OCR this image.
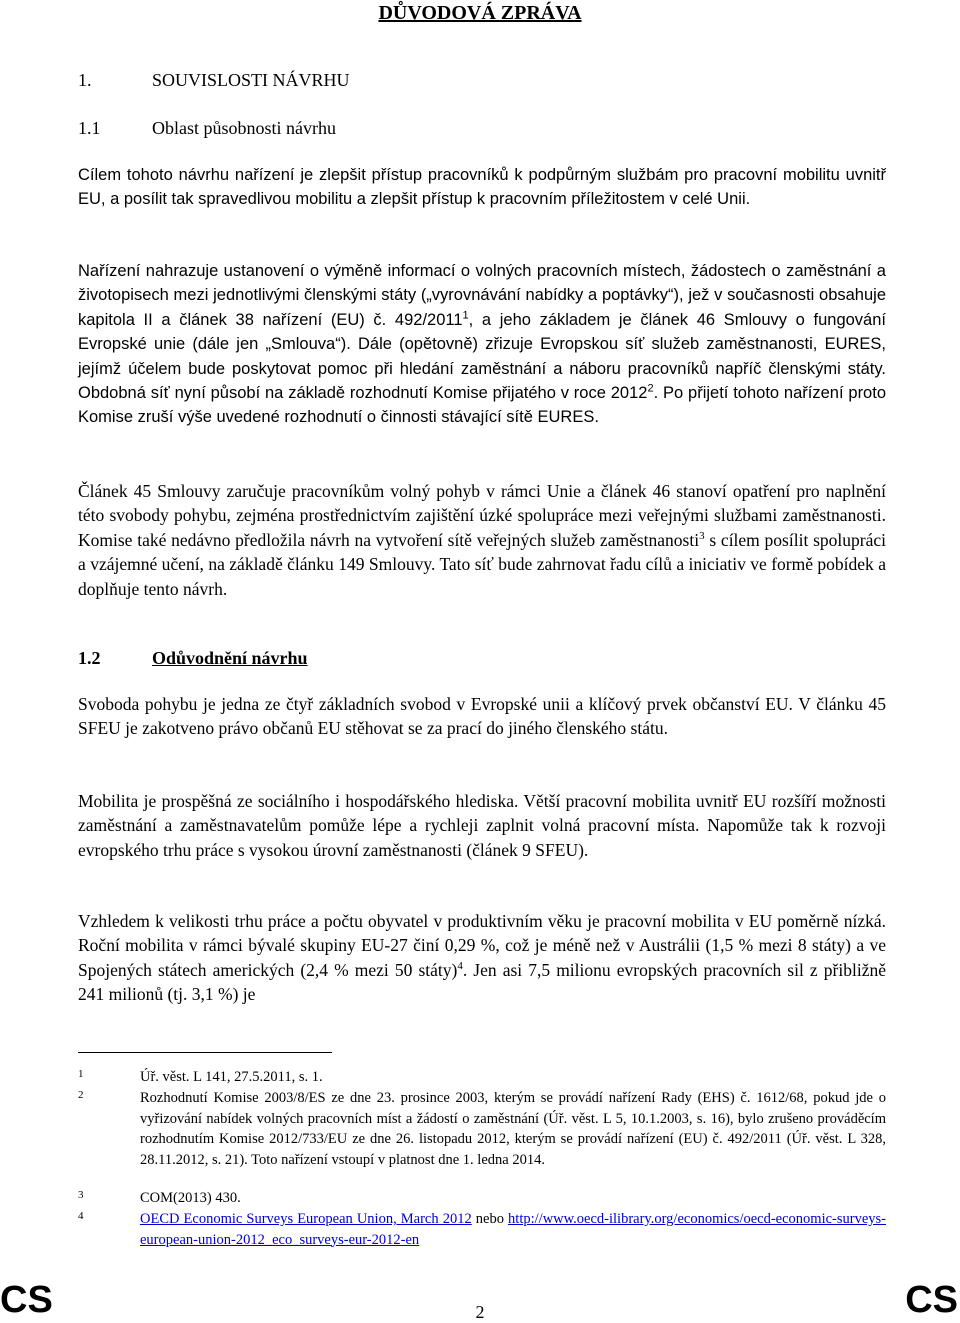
DŮVODOVÁ ZPRÁVA
1.	SOUVISLOSTI NÁVRHU
1.1	Oblast působnosti návrhu

Cílem tohoto návrhu nařízení je zlepšit přístup pracovníků k podpůrným službám pro pracovní mobilitu uvnitř EU, a posílit tak spravedlivou mobilitu a zlepšit přístup k pracovním příležitostem v celé Unii.

Nařízení nahrazuje ustanovení o výměně informací o volných pracovních místech, žádostech o zaměstnání a životopisech mezi jednotlivými členskými státy („vyrovnávání nabídky a poptávky“), jež v současnosti obsahuje kapitola II a článek 38 nařízení (EU) č. 492/2011$^1$, a jeho základem je článek 46 Smlouvy o fungování Evropské unie (dále jen „Smlouva“). Dále (opětovně) zřizuje Evropskou síť služeb zaměstnanosti, EURES, jejímž účelem bude poskytovat pomoc při hledání zaměstnání a náboru pracovníků napříč členskými státy. Obdobná síť nyní působí na základě rozhodnutí Komise přijatého v roce 2012$^2$. Po přijetí tohoto nařízení proto Komise zruší výše uvedené rozhodnutí o činnosti stávající sítě EURES.

Článek 45 Smlouvy zaručuje pracovníkům volný pohyb v rámci Unie a článek 46 stanoví opatření pro naplnění této svobody pohybu, zejména prostřednictvím zajištění úzké spolupráce mezi veřejnými službami zaměstnanosti. Komise také nedávno předložila návrh na vytvoření sítě veřejných služeb zaměstnanosti$^3$ s cílem posílit spolupráci a vzájemné učení, na základě článku 149 Smlouvy. Tato síť bude zahrnovat řadu cílů a iniciativ ve formě pobídek a doplňuje tento návrh.

1.2	Odůvodnění návrhu

Svoboda pohybu je jedna ze čtyř základních svobod v Evropské unii a klíčový prvek občanství EU. V článku 45 SFEU je zakotveno právo občanů EU stěhovat se za prací do jiného členského státu.

Mobilita je prospěšná ze sociálního i hospodářského hlediska. Větší pracovní mobilita uvnitř EU rozšíří možnosti zaměstnání a zaměstnavatelům pomůže lépe a rychleji zaplnit volná pracovní místa. Napomůže tak k rozvoji evropského trhu práce s vysokou úrovní zaměstnanosti (článek 9 SFEU).

Vzhledem k velikosti trhu práce a počtu obyvatel v produktivním věku je pracovní mobilita v EU poměrně nízká. Roční mobilita v rámci bývalé skupiny EU-27 činí 0,29 %, což je méně než v Austrálii (1,5 % mezi 8 státy) a ve Spojených státech amerických (2,4 % mezi 50 státy)$^4$. Jen asi 7,5 milionu evropských pracovních sil z přibližně 241 milionů (tj. 3,1 %) je

1	Úř. věst. L 141, 27.5.2011, s. 1.
2	Rozhodnutí Komise 2003/8/ES ze dne 23. prosince 2003, kterým se provádí nařízení Rady (EHS) č. 1612/68, pokud jde o vyřizování nabídek volných pracovních míst a žádostí o zaměstnání (Úř. věst. L 5, 10.1.2003, s. 16), bylo zrušeno prováděcím rozhodnutím Komise 2012/733/EU ze dne 26. listopadu 2012, kterým se provádí nařízení (EU) č. 492/2011 (Úř. věst. L 328, 28.11.2012, s. 21). Toto nařízení vstoupí v platnost dne 1. ledna 2014.
3	COM(2013) 430.
4	OECD Economic Surveys European Union, March 2012 nebo http://www.oecd-ilibrary.org/economics/oecd-economic-surveys-european-union-2012_eco_surveys-eur-2012-en
CS	2	CS
